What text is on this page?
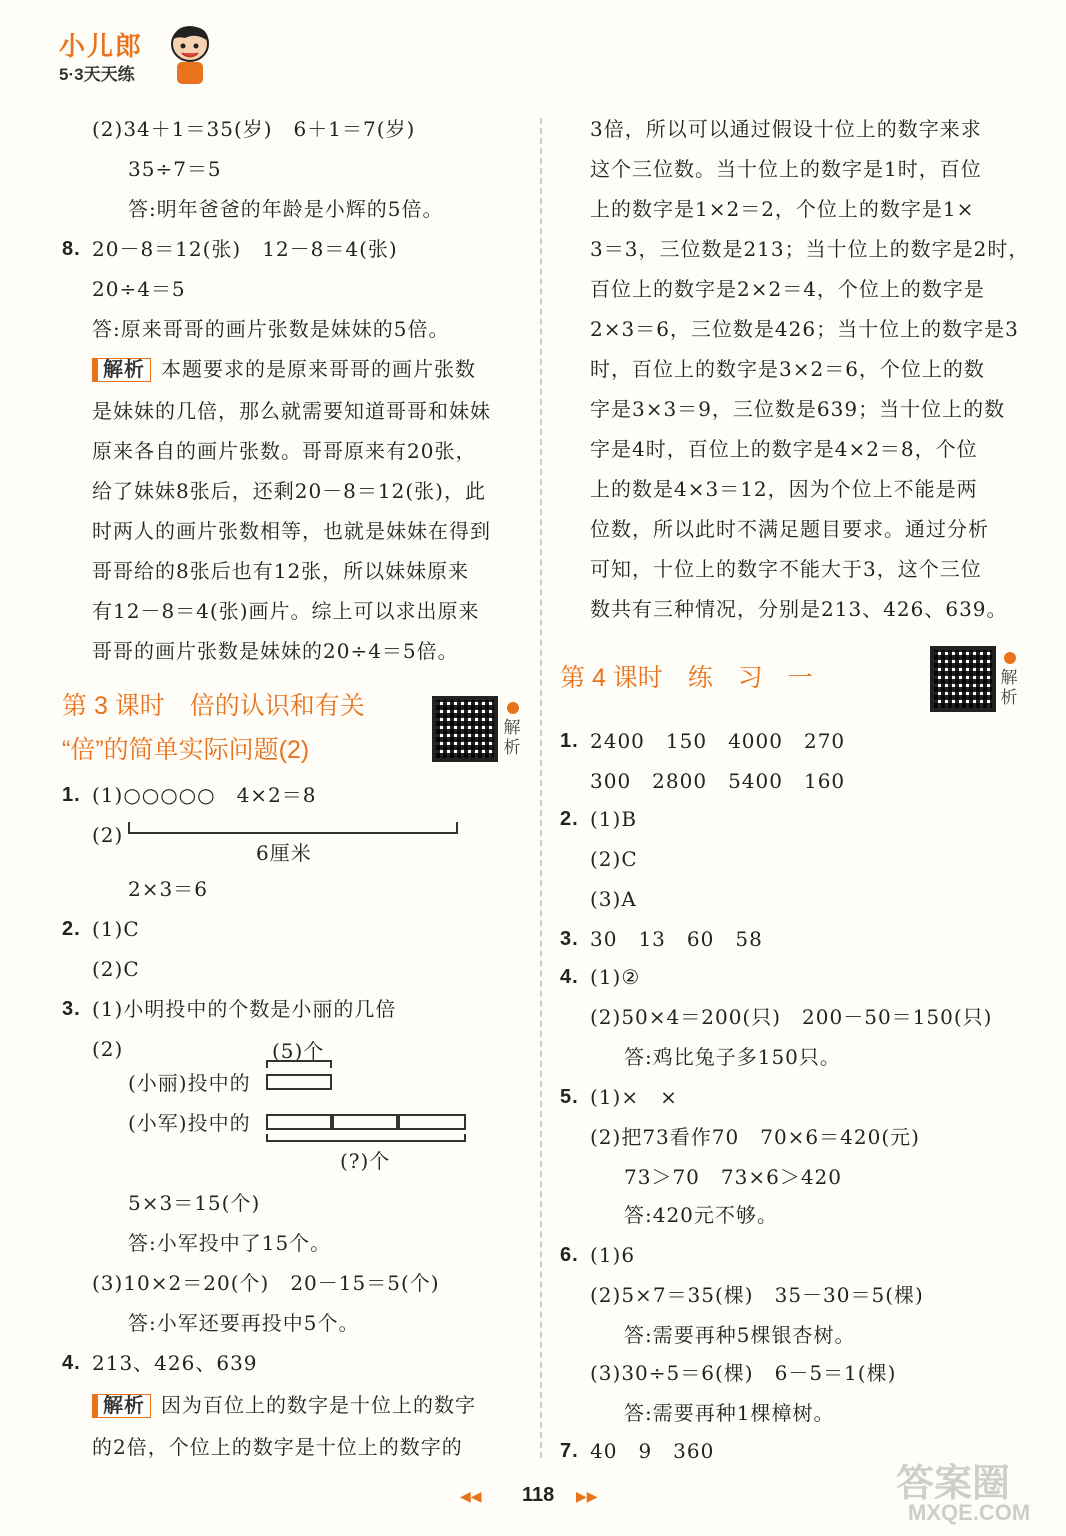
小儿郎
5·3天天练
(2)34＋1＝35(岁)　6＋1＝7(岁)
35÷7＝5
答:明年爸爸的年龄是小辉的5倍。
8. 20－8＝12(张)　12－8＝4(张)
20÷4＝5
答:原来哥哥的画片张数是妹妹的5倍。
解析 本题要求的是原来哥哥的画片张数
是妹妹的几倍，那么就需要知道哥哥和妹妹
原来各自的画片张数。哥哥原来有20张，
给了妹妹8张后，还剩20－8＝12(张)，此
时两人的画片张数相等，也就是妹妹在得到
哥哥给的8张后也有12张，所以妹妹原来
有12－8＝4(张)画片。综上可以求出原来
哥哥的画片张数是妹妹的20÷4＝5倍。
第 3 课时　倍的认识和有关
“倍”的简单实际问题(2)
解析
1. (1)○○○○○　4×2＝8
(2)
6厘米
2×3＝6
2. (1)C
(2)C
3. (1)小明投中的个数是小丽的几倍
(2)	(5)个
(小丽)投中的
(小军)投中的
(?)个
5×3＝15(个)
答:小军投中了15个。
(3)10×2＝20(个)　20－15＝5(个)
答:小军还要再投中5个。
4. 213、426、639
解析 因为百位上的数字是十位上的数字
的2倍，个位上的数字是十位上的数字的
3倍，所以可以通过假设十位上的数字来求
这个三位数。当十位上的数字是1时，百位
上的数字是1×2＝2，个位上的数字是1×
3＝3，三位数是213；当十位上的数字是2时，
百位上的数字是2×2＝4，个位上的数字是
2×3＝6，三位数是426；当十位上的数字是3
时，百位上的数字是3×2＝6，个位上的数
字是3×3＝9，三位数是639；当十位上的数
字是4时，百位上的数字是4×2＝8，个位
上的数是4×3＝12，因为个位上不能是两
位数，所以此时不满足题目要求。通过分析
可知，十位上的数字不能大于3，这个三位
数共有三种情况，分别是213、426、639。
第 4 课时　练　习　一	解析
1. 2400　150　4000　270
300　2800　5400　160
2. (1)B
(2)C
(3)A
3. 30　13　60　58
4. (1)②
(2)50×4＝200(只)　200－50＝150(只)
答:鸡比兔子多150只。
5. (1)×　×
(2)把73看作70　70×6＝420(元)
73＞70　73×6＞420
答:420元不够。
6. (1)6
(2)5×7＝35(棵)　35－30＝5(棵)
答:需要再种5棵银杏树。
(3)30÷5＝6(棵)　6－5＝1(棵)
答:需要再种1棵樟树。
7. 40　9　360
◀◀ 118 ▶▶	答案圈
MXQE.COM
